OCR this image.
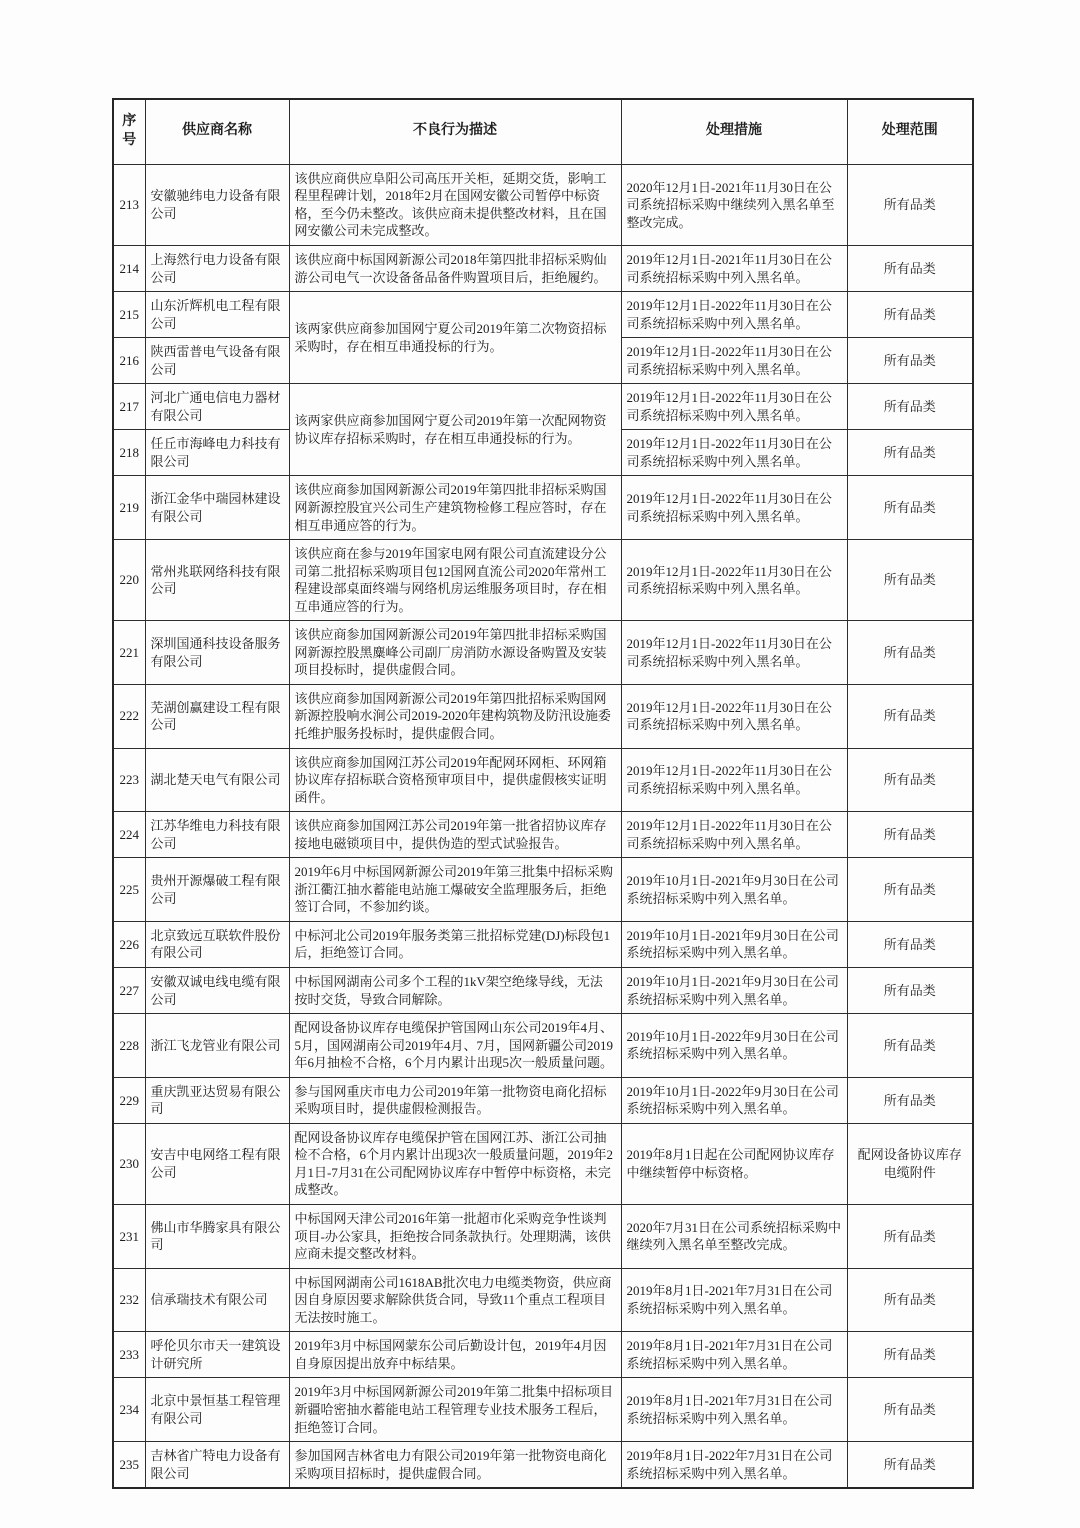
序号	供应商名称	不良行为描述	处理措施	处理范围
213	安徽驰纬电力设备有限公司	该供应商供应阜阳公司高压开关柜，延期交货，影响工程里程碑计划，2018年2月在国网安徽公司暂停中标资格，至今仍未整改。该供应商未提供整改材料，且在国网安徽公司未完成整改。	2020年12月1日-2021年11月30日在公司系统招标采购中继续列入黑名单至整改完成。	所有品类
214	上海然行电力设备有限公司	该供应商中标国网新源公司2018年第四批非招标采购仙游公司电气一次设备备品备件购置项目后，拒绝履约。	2019年12月1日-2021年11月30日在公司系统招标采购中列入黑名单。	所有品类
215	山东沂辉机电工程有限公司	该两家供应商参加国网宁夏公司2019年第二次物资招标采购时，存在相互串通投标的行为。	2019年12月1日-2022年11月30日在公司系统招标采购中列入黑名单。	所有品类
216	陕西雷普电气设备有限公司		2019年12月1日-2022年11月30日在公司系统招标采购中列入黑名单。	所有品类
217	河北广通电信电力器材有限公司	该两家供应商参加国网宁夏公司2019年第一次配网物资协议库存招标采购时，存在相互串通投标的行为。	2019年12月1日-2022年11月30日在公司系统招标采购中列入黑名单。	所有品类
218	任丘市海峰电力科技有限公司		2019年12月1日-2022年11月30日在公司系统招标采购中列入黑名单。	所有品类
219	浙江金华中瑞园林建设有限公司	该供应商参加国网新源公司2019年第四批非招标采购国网新源控股宜兴公司生产建筑物检修工程应答时，存在相互串通应答的行为。	2019年12月1日-2022年11月30日在公司系统招标采购中列入黑名单。	所有品类
220	常州兆联网络科技有限公司	该供应商在参与2019年国家电网有限公司直流建设分公司第二批招标采购项目包12国网直流公司2020年常州工程建设部桌面终端与网络机房运维服务项目时，存在相互串通应答的行为。	2019年12月1日-2022年11月30日在公司系统招标采购中列入黑名单。	所有品类
221	深圳国通科技设备服务有限公司	该供应商参加国网新源公司2019年第四批非招标采购国网新源控股黑麋峰公司副厂房消防水源设备购置及安装项目投标时，提供虚假合同。	2019年12月1日-2022年11月30日在公司系统招标采购中列入黑名单。	所有品类
222	芜湖创赢建设工程有限公司	该供应商参加国网新源公司2019年第四批招标采购国网新源控股响水涧公司2019-2020年建构筑物及防汛设施委托维护服务投标时，提供虚假合同。	2019年12月1日-2022年11月30日在公司系统招标采购中列入黑名单。	所有品类
223	湖北楚天电气有限公司	该供应商参加国网江苏公司2019年配网环网柜、环网箱协议库存招标联合资格预审项目中，提供虚假核实证明函件。	2019年12月1日-2022年11月30日在公司系统招标采购中列入黑名单。	所有品类
224	江苏华维电力科技有限公司	该供应商参加国网江苏公司2019年第一批省招协议库存接地电磁锁项目中，提供伪造的型式试验报告。	2019年12月1日-2022年11月30日在公司系统招标采购中列入黑名单。	所有品类
225	贵州开源爆破工程有限公司	2019年6月中标国网新源公司2019年第三批集中招标采购浙江衢江抽水蓄能电站施工爆破安全监理服务后，拒绝签订合同，不参加约谈。	2019年10月1日-2021年9月30日在公司系统招标采购中列入黑名单。	所有品类
226	北京致远互联软件股份有限公司	中标河北公司2019年服务类第三批招标党建(DJ)标段包1后，拒绝签订合同。	2019年10月1日-2021年9月30日在公司系统招标采购中列入黑名单。	所有品类
227	安徽双诚电线电缆有限公司	中标国网湖南公司多个工程的1kV架空绝缘导线，无法按时交货，导致合同解除。	2019年10月1日-2021年9月30日在公司系统招标采购中列入黑名单。	所有品类
228	浙江飞龙管业有限公司	配网设备协议库存电缆保护管国网山东公司2019年4月、5月，国网湖南公司2019年4月、7月，国网新疆公司2019年6月抽检不合格，6个月内累计出现5次一般质量问题。	2019年10月1日-2022年9月30日在公司系统招标采购中列入黑名单。	所有品类
229	重庆凯亚达贸易有限公司	参与国网重庆市电力公司2019年第一批物资电商化招标采购项目时，提供虚假检测报告。	2019年10月1日-2022年9月30日在公司系统招标采购中列入黑名单。	所有品类
230	安吉中电网络工程有限公司	配网设备协议库存电缆保护管在国网江苏、浙江公司抽检不合格，6个月内累计出现3次一般质量问题，2019年2月1日-7月31在公司配网协议库存中暂停中标资格，未完成整改。	2019年8月1日起在公司配网协议库存中继续暂停中标资格。	配网设备协议库存电缆附件
231	佛山市华腾家具有限公司	中标国网天津公司2016年第一批超市化采购竞争性谈判项目-办公家具，拒绝按合同条款执行。处理期满，该供应商未提交整改材料。	2020年7月31日在公司系统招标采购中继续列入黑名单至整改完成。	所有品类
232	信承瑞技术有限公司	中标国网湖南公司1618AB批次电力电缆类物资，供应商因自身原因要求解除供货合同，导致11个重点工程项目无法按时施工。	2019年8月1日-2021年7月31日在公司系统招标采购中列入黑名单。	所有品类
233	呼伦贝尔市天一建筑设计研究所	2019年3月中标国网蒙东公司后勤设计包，2019年4月因自身原因提出放弃中标结果。	2019年8月1日-2021年7月31日在公司系统招标采购中列入黑名单。	所有品类
234	北京中景恒基工程管理有限公司	2019年3月中标国网新源公司2019年第二批集中招标项目新疆哈密抽水蓄能电站工程管理专业技术服务工程后，拒绝签订合同。	2019年8月1日-2021年7月31日在公司系统招标采购中列入黑名单。	所有品类
235	吉林省广特电力设备有限公司	参加国网吉林省电力有限公司2019年第一批物资电商化采购项目招标时，提供虚假合同。	2019年8月1日-2022年7月31日在公司系统招标采购中列入黑名单。	所有品类
